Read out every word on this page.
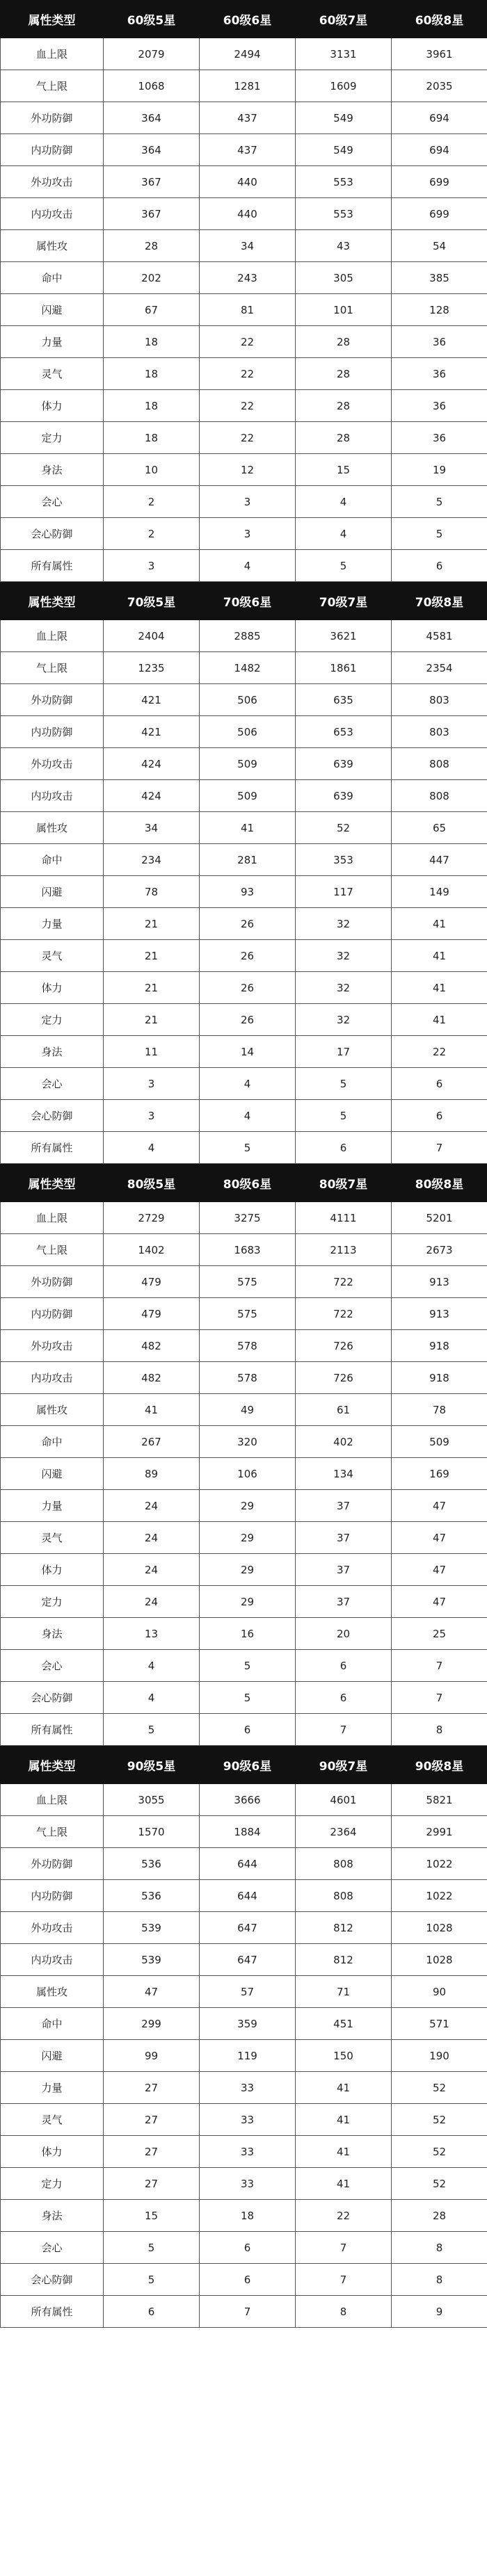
属性类型	60级5星	60级6星	60级7星	60级8星
血上限	2079	2494	3131	3961
气上限	1068	1281	1609	2035
外功防御	364	437	549	694
内功防御	364	437	549	694
外功攻击	367	440	553	699
内功攻击	367	440	553	699
属性攻	28	34	43	54
命中	202	243	305	385
闪避	67	81	101	128
力量	18	22	28	36
灵气	18	22	28	36
体力	18	22	28	36
定力	18	22	28	36
身法	10	12	15	19
会心	2	3	4	5
会心防御	2	3	4	5
所有属性	3	4	5	6
属性类型	70级5星	70级6星	70级7星	70级8星
血上限	2404	2885	3621	4581
气上限	1235	1482	1861	2354
外功防御	421	506	635	803
内功防御	421	506	653	803
外功攻击	424	509	639	808
内功攻击	424	509	639	808
属性攻	34	41	52	65
命中	234	281	353	447
闪避	78	93	117	149
力量	21	26	32	41
灵气	21	26	32	41
体力	21	26	32	41
定力	21	26	32	41
身法	11	14	17	22
会心	3	4	5	6
会心防御	3	4	5	6
所有属性	4	5	6	7
属性类型	80级5星	80级6星	80级7星	80级8星
血上限	2729	3275	4111	5201
气上限	1402	1683	2113	2673
外功防御	479	575	722	913
内功防御	479	575	722	913
外功攻击	482	578	726	918
内功攻击	482	578	726	918
属性攻	41	49	61	78
命中	267	320	402	509
闪避	89	106	134	169
力量	24	29	37	47
灵气	24	29	37	47
体力	24	29	37	47
定力	24	29	37	47
身法	13	16	20	25
会心	4	5	6	7
会心防御	4	5	6	7
所有属性	5	6	7	8
属性类型	90级5星	90级6星	90级7星	90级8星
血上限	3055	3666	4601	5821
气上限	1570	1884	2364	2991
外功防御	536	644	808	1022
内功防御	536	644	808	1022
外功攻击	539	647	812	1028
内功攻击	539	647	812	1028
属性攻	47	57	71	90
命中	299	359	451	571
闪避	99	119	150	190
力量	27	33	41	52
灵气	27	33	41	52
体力	27	33	41	52
定力	27	33	41	52
身法	15	18	22	28
会心	5	6	7	8
会心防御	5	6	7	8
所有属性	6	7	8	9
